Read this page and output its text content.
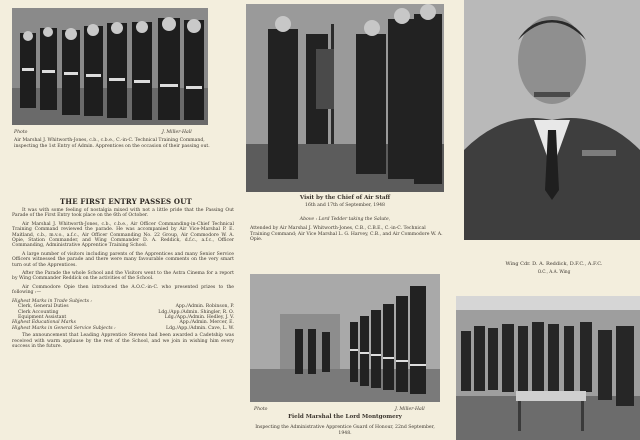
Photo	J. Miller-Hall
Air Marshal J. Whitworth-Jones, c.b., c.b.e., C.-in-C. Technical Training Command, inspecting the 1st Entry of Admin. Apprentices on the occasion of their passing out.
Visit by the Chief of Air Staff
16th and 17th of September, 1948
Above : Lord Tedder taking the Salute,
Attended by Air Marshal J. Whitworth-Jones, C.B., C.B.E., C.-in-C. Technical Training Command; Air Vice Marshal L. G. Harvey, C.B., and Air Commodore W. A. Opie.
Wing Cdr. D. A. Reddick, D.F.C., A.F.C.
O.C., A.A. Wing
THE FIRST ENTRY PASSES OUT

It was with some feeling of nostalgia mixed with not a little pride that the Passing Out Parade of the First Entry took place on the 6th of October.

Air Marshal J. Whitworth-Jones, c.b., c.b.e., Air Officer Commanding-in-Chief Technical Training Command reviewed the parade. He was accompanied by Air Vice-Marshal P. E. Maitland, c.b., m.v.o., a.f.c., Air Officer Commanding No. 22 Group, Air Commodore W. A. Opie, Station Commander, and Wing Commander D. A. Reddick, d.f.c., a.f.c., Officer Commanding, Administrative Apprentice Training School.

A large number of visitors including parents of the Apprentices and many Senior Service Officers witnessed the parade and there were many favourable comments on the very smart turn out of the Apprentices.

After the Parade the whole School and the Visitors went to the Astra Cinema for a report by Wing Commander Reddick on the activities of the School.

Air Commodore Opie then introduced the A.O.C.-in-C. who presented prizes to the following :—

Highest Marks in Trade Subjects :
Clerk, General Duties	App./Admin. Robinson, P.
Clerk Accounting	Ldg./App./Admin. Shingler, R. O.
Equipment Assistant	Ldg./App./Admin. Hedley, J. V.
Highest Educational Marks	App./Admin. Mercer, E.
Highest Marks in General Service Subjects :	Ldg./App./Admin. Cave, L. W.

The announcement that Leading Apprentice Stevens had been awarded a Cadetship was received with warm applause by the rest of the School, and we join in wishing him every success in the future.

Photo	J. Miller-Hall
Field Marshal the Lord Montgomery
Inspecting the Administrative Apprentice Guard of Honour, 22nd September, 1948.
